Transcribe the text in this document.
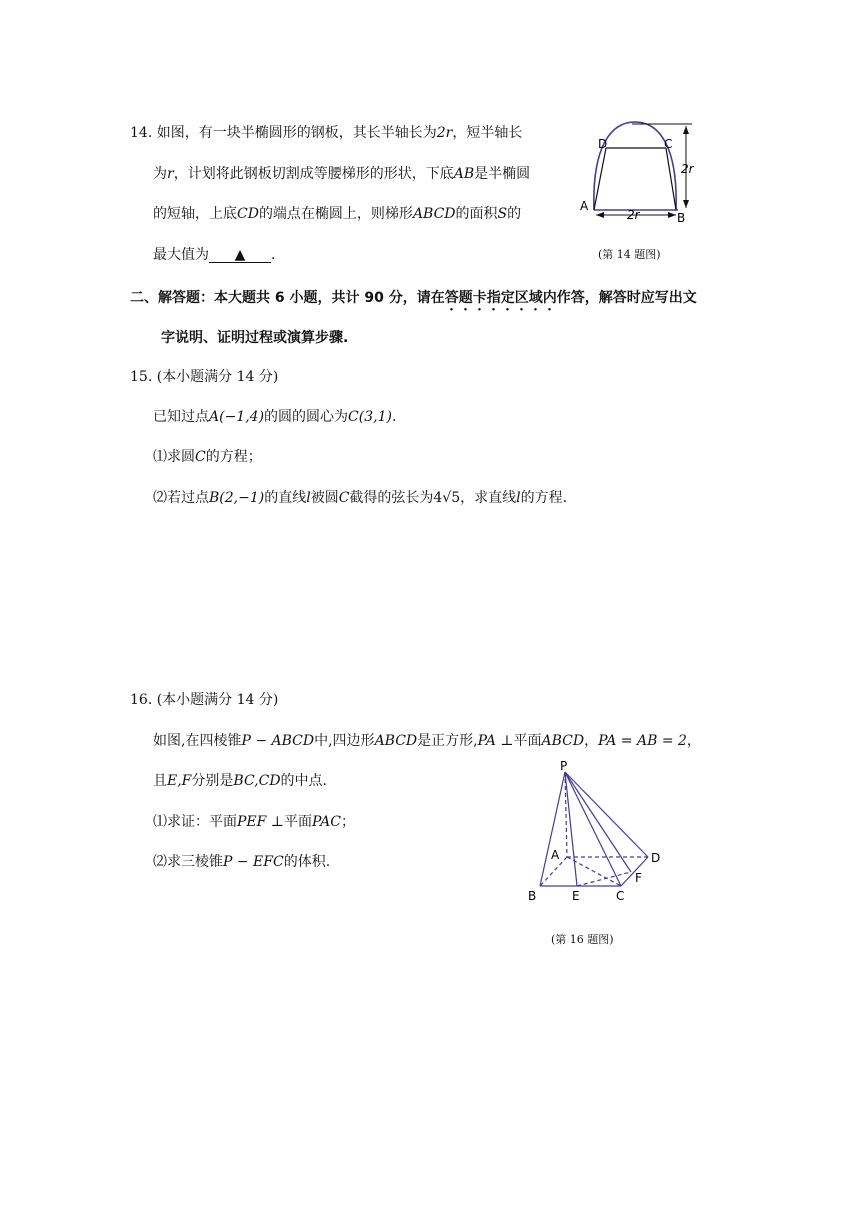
14. 如图，有一块半椭圆形的钢板，其长半轴长为2r，短半轴长
为r，计划将此钢板切割成等腰梯形的形状，下底AB是半椭圆
的短轴，上底CD的端点在椭圆上，则梯形ABCD的面积S的
最大值为 ▲ .
D	C
A
B
2r
2r
(第 14 题图)
二、解答题：本大题共 6 小题，共计 90 分，请在答题卡指定区域内作答，解答时应写出文
字说明、证明过程或演算步骤.
15. (本小题满分 14 分)
已知过点A(−1,4)的圆的圆心为C(3,1).
⑴求圆C的方程；
⑵若过点B(2,−1)的直线l被圆C截得的弦长为4√5，求直线l的方程.
16. (本小题满分 14 分)
如图,在四棱锥P − ABCD中,四边形ABCD是正方形,PA ⊥平面ABCD，PA = AB = 2，
且E,F分别是BC,CD的中点.
⑴求证：平面PEF ⊥平面PAC；
⑵求三棱锥P − EFC的体积.
P
A
B	E	C
F
D
(第 16 题图)
